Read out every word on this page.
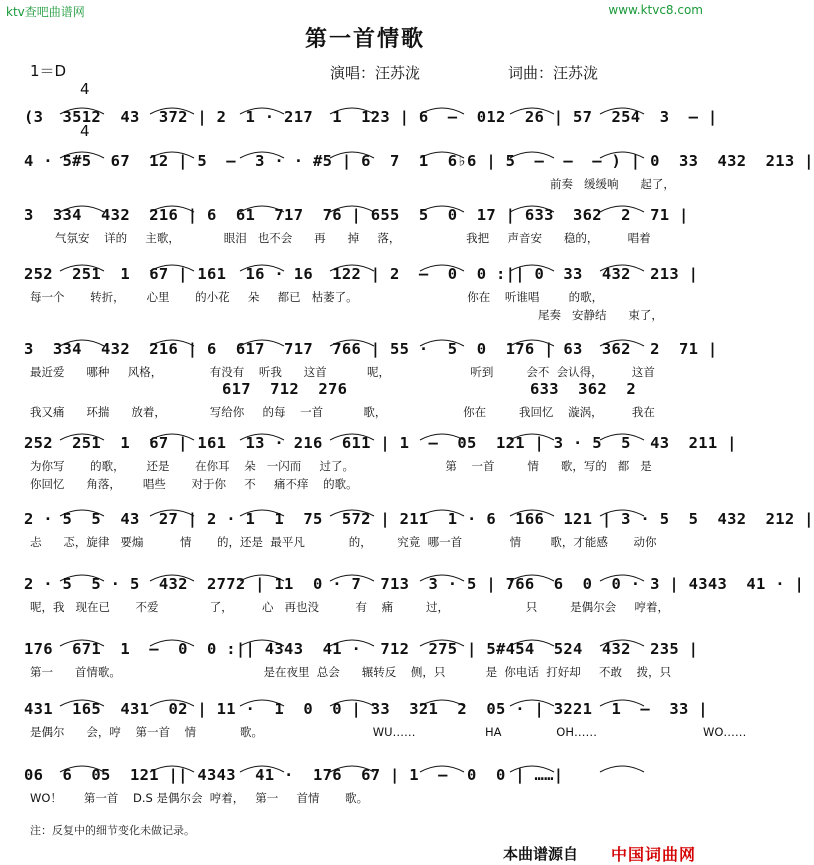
ktv查吧曲谱网	www.ktvc8.com
第一首情歌
1＝D

4

4

演唱：汪苏泷	词曲：汪苏泷
(3  3512  43  372 | 2  1 · 217  1  123 | 6  –  012  26 | 57  254  3  – |
4 · 5#5  67  12 | 5  –  3 · · #5 | 6  7  1  6♭6 | 5  –  –  – ) | 0  33  432  213 |
前奏   缓缓响      起了，
3  334  432  216 | 6  61  717  76 | 655  5  0  17 | 633  362  2  71 |
气氛安    详的     主歌，            眼泪   也不会      再      掉     落，                  我把     声音安      稳的，        唱着
252  251  1  67 | 161  16 · 16  122 | 2  –  0  0 :|| 0  33  432  213 |
每一个       转折，      心里       的小花     朵     都已   枯萎了。                              你在    听谁唱        的歌，
尾奏   安静结      束了，
3  334  432  216 | 6  617  717  766 | 55 ·  5  0  176 | 63  362  2  71 |
最近爱      哪种     风格，             有没有    听我      这首           呢，                      听到         会不  会认得，        这首
617  712  276	633  362  2
我又痛      环揣      放着，            写给你     的每    一首           歌，                     你在         我回忆    漩涡，        我在
252  251  1  67 | 161  13 · 216  611 | 1  –  05  121 | 3 · 5  5  43  211 |
为你写       的歌，      还是       在你耳    朵   一闪而     过了。                         第    一首         情      歌，写的   都   是
你回忆      角落，      唱些       对于你     不     痛不痒    的歌。
2 · 5  5  43  27 | 2 · 1  1  75  572 | 211  1 · 6  166  121 | 3 · 5  5  432  212 |
忐      忑，旋律   要煽          情       的，还是  最平凡            的，       究竟  哪一首             情        歌，才能感       动你
2 · 5  5 · 5  432  2772 | 11  0 · 7  713  3 · 5 | 766  6  0  0 · 3 | 4343  41 · |
呢，我   现在已       不爱              了，        心   再也没          有    痛         过，                     只         是偶尔会     哼着，
176  671  1  –  0  0 :|| 4343  41 ·  712  275 | 5#454  524  432  235 |
第一      首情歌。                                       是在夜里  总会      辗转反    侧，只           是  你电话  打好却     不敢    拨，只
431  165  431  02 | 11 ·  1  0  0 | 33  321  2  05 · | 3221  1  –  33 |
是偶尔      会，哼    第一首    情            歌。                              WU……                   HA               OH……                             WO……
06  6  05  121 || 4343  41 ·  176  67 | 1  –  0  0 | ……|
WO！      第一首    D.S 是偶尔会  哼着，   第一     首情       歌。
注：反复中的细节变化未做记录。
本曲谱源自 中国词曲网
